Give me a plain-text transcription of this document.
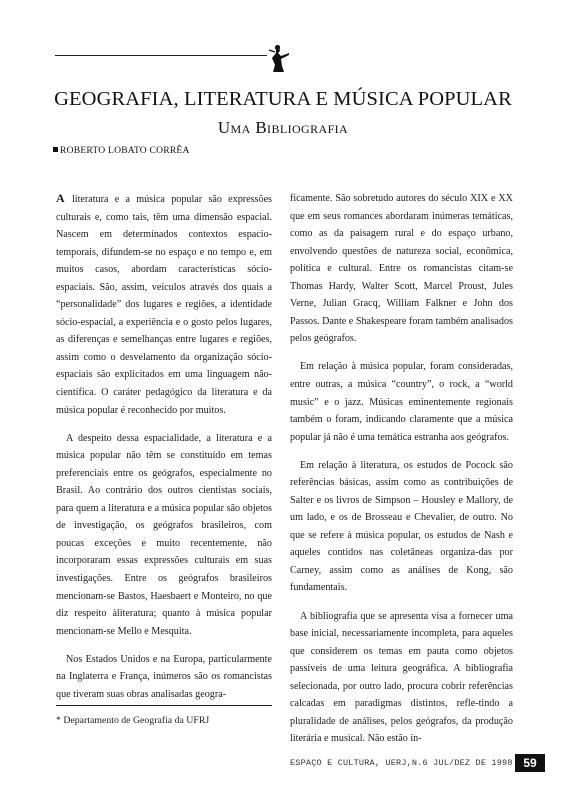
GEOGRAFIA, LITERATURA E MÚSICA POPULAR
Uma Bibliografia
ROBERTO LOBATO CORRÊA

A literatura e a música popular são expressões culturais e, como tais, têm uma dimensão espacial. Nascem em determinados contextos espacio-temporais, difundem-se no espaço e no tempo e, em muitos casos, abordam características sócio-espaciais. São, assim, veículos através dos quais a “personalidade” dos lugares e regiões, a identidade sócio-espacial, a experiência e o gosto pelos lugares, as diferenças e semelhanças entre lugares e regiões, assim como o desvelamento da organização sócio-espaciais são explicitados em uma linguagem não-científica. O caráter pedagógico da literatura e da música popular é reconhecido por muitos.

A despeito dessa espacialidade, a literatura e a música popular não têm se constituído em temas preferenciais entre os geógrafos, especialmente no Brasil. Ao contrário dos outros cientistas sociais, para quem a literatura e a música popular são objetos de investigação, os geógrafos brasileiros, com poucas exceções e muito recentemente, não incorporaram essas expressões culturais em suas investigações. Entre os geógrafos brasileiros mencionam-se Bastos, Haesbaert e Monteiro, no que diz respeito àliteratura; quanto à música popular mencionam-se Mello e Mesquita.

Nos Estados Unidos e na Europa, particularmente na Inglaterra e França, inúmeros são os romancistas que tiveram suas obras analisadas geogra-

* Departamento de Geografia da UFRJ

ficamente. São sobretudo autores do século XIX e XX que em seus romances abordaram inúmeras temáticas, como as da paisagem rural e do espaço urbano, envolvendo questões de natureza social, econômica, política e cultural. Entre os romancistas citam-se Thomas Hardy, Walter Scott, Marcel Proust, Jules Verne, Julian Gracq, William Falkner e John dos Passos. Dante e Shakespeare foram também analisados pelos geógrafos.

Em relação à música popular, foram consideradas, entre outras, a música “country”, o rock, a “world music” e o jazz. Músicas eminentemente regionais também o foram, indicando claramente que a música popular já não é uma temática estranha aos geógrafos.

Em relação à literatura, os estudos de Pocock são referências básicas, assim como as contribuições de Salter e os livros de Simpson – Housley e Mallory, de um lado, e os de Brosseau e Chevalier, de outro. No que se refere à música popular, os estudos de Nash e aqueles contidos nas coletâneas organiza-das por Carney, assim como as análises de Kong, são fundamentais.

A bibliografia que se apresenta visa a fornecer uma base inicial, necessariamente incompleta, para aqueles que considerem os temas em pauta como objetos passíveis de uma leitura geográfica. A bibliografia selecionada, por outro lado, procura cobrir referências calcadas em paradigmas distintos, refle-tindo a pluralidade de análises, pelos geógrafos, da produção literária e musical. Não estão in-

ESPAÇO E CULTURA, UERJ,N.6 JUL/DEZ DE 1998 59
